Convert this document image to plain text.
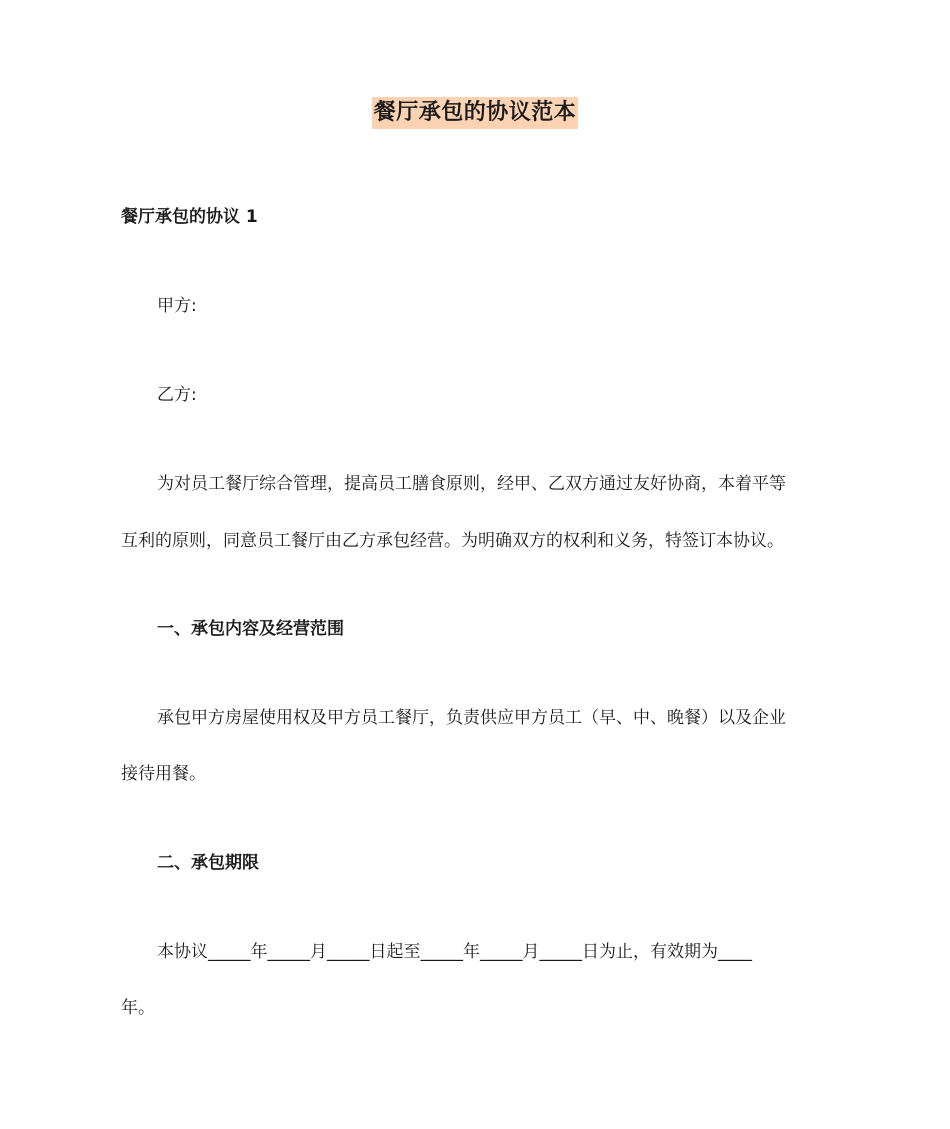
餐厅承包的协议范本
餐厅承包的协议 1
甲方:
乙方:
为对员工餐厅综合管理，提高员工膳食原则，经甲、乙双方通过友好协商，本着平等
互利的原则，同意员工餐厅由乙方承包经营。为明确双方的权利和义务，特签订本协议。
一、承包内容及经营范围
承包甲方房屋使用权及甲方员工餐厅，负责供应甲方员工（早、中、晚餐）以及企业
接待用餐。
二、承包期限
本协议_____年_____月_____日起至_____年_____月_____日为止，有效期为____
年。
